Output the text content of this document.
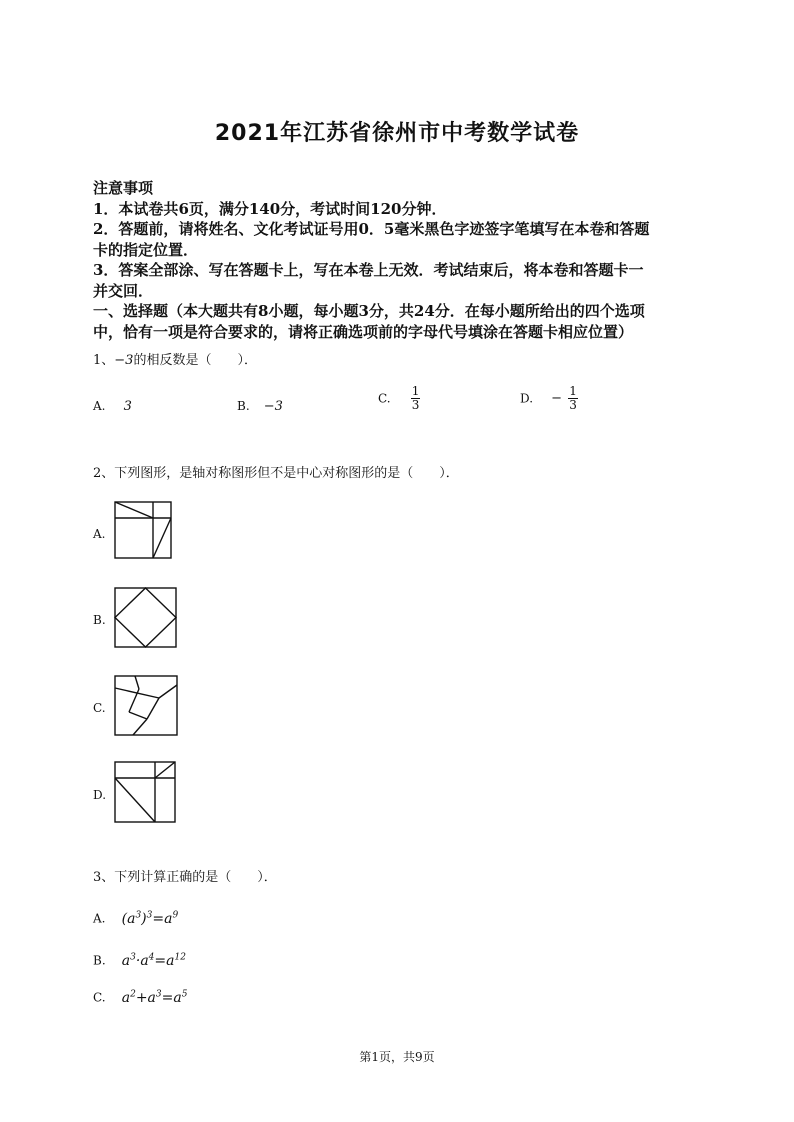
2021年江苏省徐州市中考数学试卷
注意事项
1．本试卷共6页，满分140分，考试时间120分钟．
2．答题前，请将姓名、文化考试证号用0．5毫米黑色字迹签字笔填写在本卷和答题
卡的指定位置．
3．答案全部涂、写在答题卡上，写在本卷上无效．考试结束后，将本卷和答题卡一
并交回．
一、选择题（本大题共有8小题，每小题3分，共24分．在每小题所给出的四个选项
中，恰有一项是符合要求的，请将正确选项前的字母代号填涂在答题卡相应位置）
1、−3的相反数是（　　）．
A. 3	B. −3
C. $\frac{1}{3}$	D. − $\frac{1}{3}$
2、下列图形，是轴对称图形但不是中心对称图形的是（　　）．
A.
B.
C.
D.
3、下列计算正确的是（　　）．
A. $(a^3)^3=a^9$
B. $a^3\cdot a^4=a^{12}$
C. $a^2+a^3=a^5$
第1页，共9页
